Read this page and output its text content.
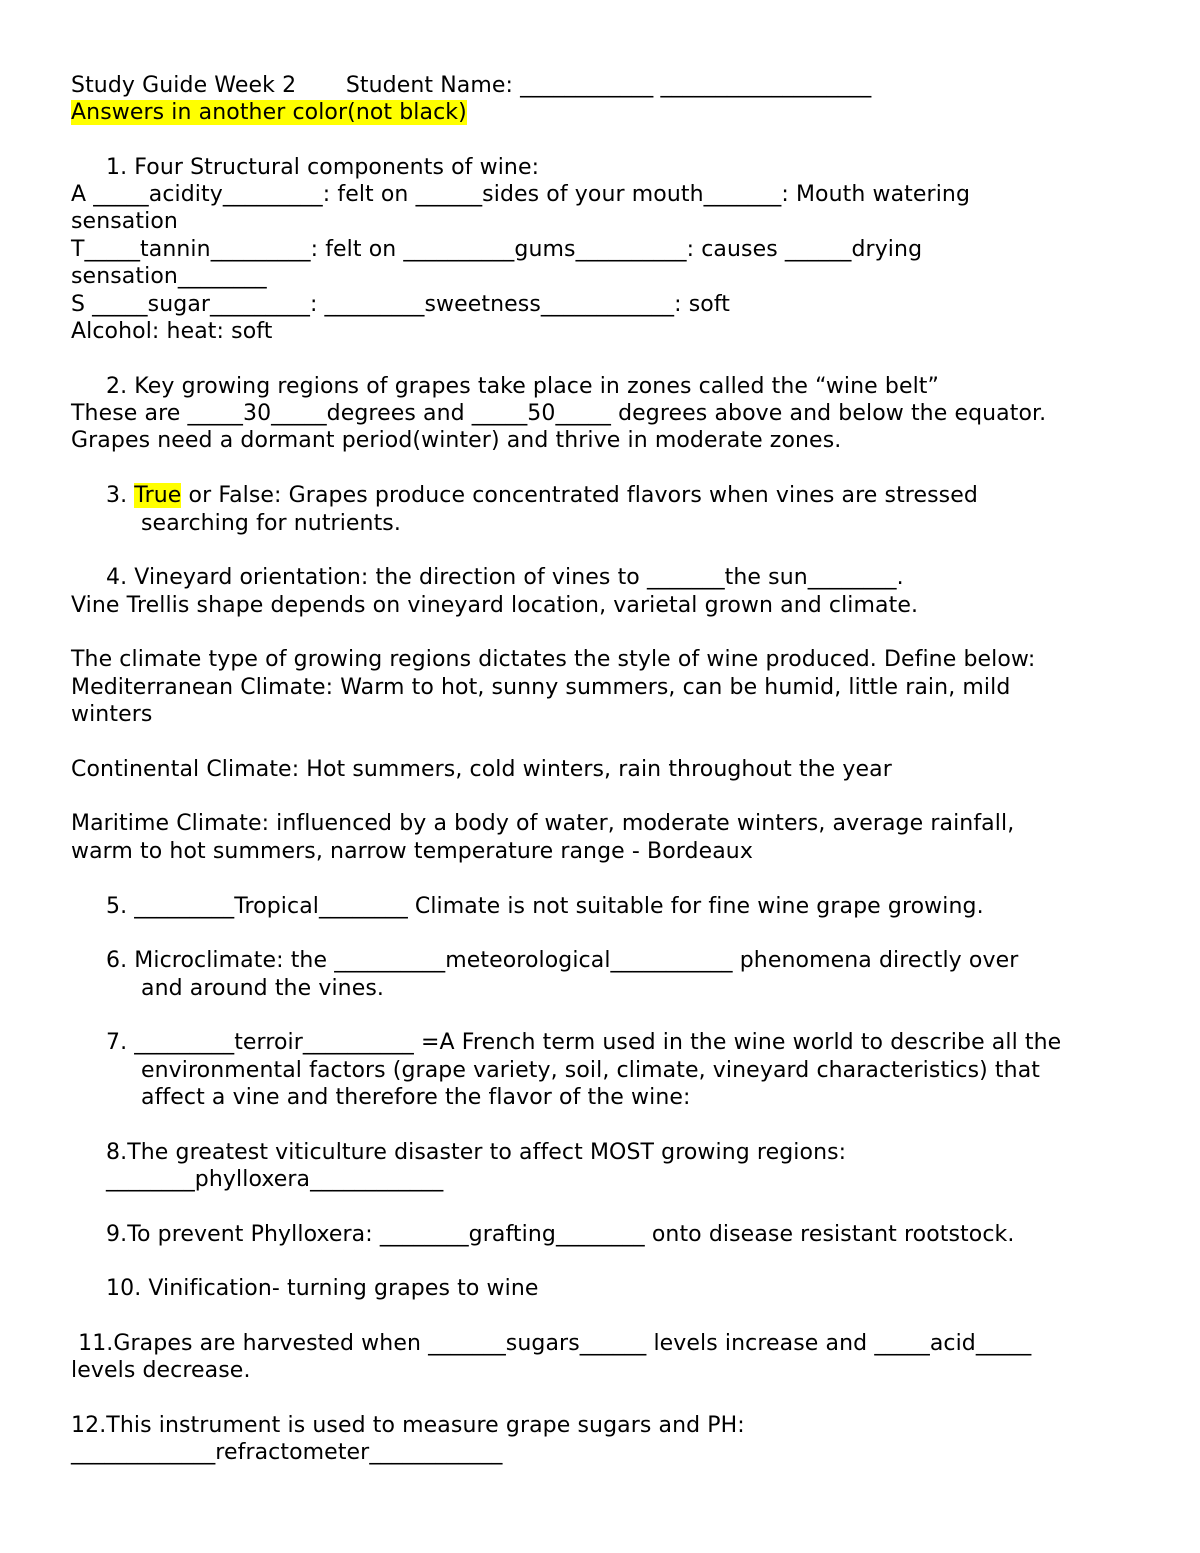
Study Guide Week 2 Student Name: ____________ ___________________
Answers in another color(not black)
1. Four Structural components of wine:
A _____acidity_________: felt on ______sides of your mouth_______: Mouth watering
sensation
T_____tannin_________: felt on __________gums__________: causes ______drying
sensation________
S _____sugar_________: _________sweetness____________: soft
Alcohol: heat: soft
2. Key growing regions of grapes take place in zones called the “wine belt”
These are _____30_____degrees and _____50_____ degrees above and below the equator.
Grapes need a dormant period(winter) and thrive in moderate zones.
3. True or False: Grapes produce concentrated flavors when vines are stressed
searching for nutrients.
4. Vineyard orientation: the direction of vines to _______the sun________.
Vine Trellis shape depends on vineyard location, varietal grown and climate.
The climate type of growing regions dictates the style of wine produced. Define below:
Mediterranean Climate: Warm to hot, sunny summers, can be humid, little rain, mild
winters
Continental Climate: Hot summers, cold winters, rain throughout the year
Maritime Climate: influenced by a body of water, moderate winters, average rainfall,
warm to hot summers, narrow temperature range - Bordeaux
5. _________Tropical________ Climate is not suitable for fine wine grape growing.
6. Microclimate: the __________meteorological___________ phenomena directly over
and around the vines.
7. _________terroir__________ =A French term used in the wine world to describe all the
environmental factors (grape variety, soil, climate, vineyard characteristics) that
affect a vine and therefore the flavor of the wine:
8.The greatest viticulture disaster to affect MOST growing regions:
________phylloxera____________
9.To prevent Phylloxera: ________grafting________ onto disease resistant rootstock.
10. Vinification- turning grapes to wine
11.Grapes are harvested when _______sugars______ levels increase and _____acid_____
levels decrease.
12.This instrument is used to measure grape sugars and PH:
_____________refractometer____________
